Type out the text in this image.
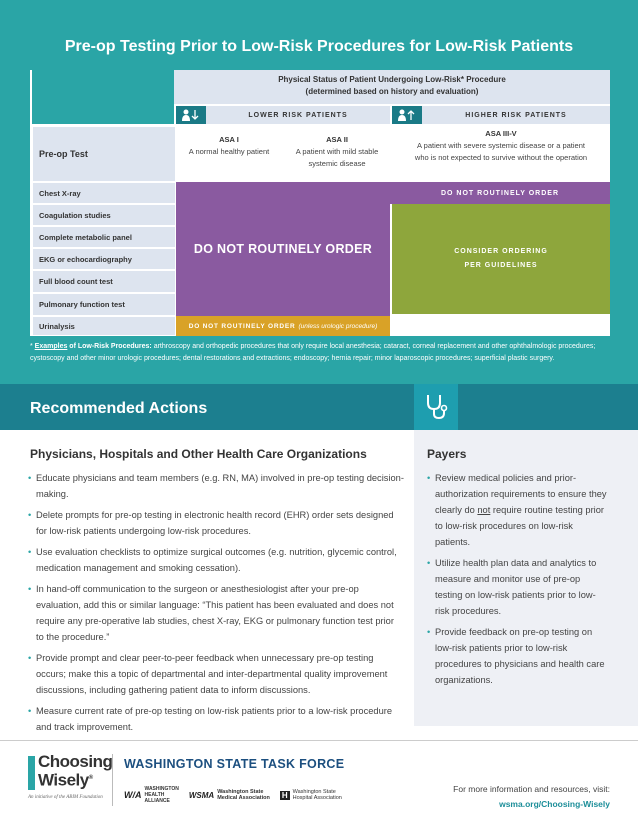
Pre-op Testing Prior to Low-Risk Procedures for Low-Risk Patients
Physical Status of Patient Undergoing Low-Risk* Procedure
(determined based on history and evaluation)
LOWER RISK PATIENTS	HIGHER RISK PATIENTS
Pre-op Test
ASA I
A normal healthy patient
ASA II
A patient with mild stable systemic disease
ASA III-V
A patient with severe systemic disease or a patient who is not expected to survive without the operation
Chest X-ray
Coagulation studies
Complete metabolic panel
EKG or echocardiography
Full blood count test
Pulmonary function test
Urinalysis
DO NOT ROUTINELY ORDER
DO NOT ROUTINELY ORDER
CONSIDER ORDERING
PER GUIDELINES
DO NOT ROUTINELY ORDER (unless urologic procedure)
* Examples of Low-Risk Procedures: arthroscopy and orthopedic procedures that only require local anesthesia; cataract, corneal replacement and other ophthalmologic procedures; cystoscopy and other minor urologic procedures; dental restorations and extractions; endoscopy; hernia repair; minor laparoscopic procedures; superficial plastic surgery.
Recommended Actions
Physicians, Hospitals and Other Health Care Organizations
• Educate physicians and team members (e.g. RN, MA) involved in pre-op testing decision-making.
• Delete prompts for pre-op testing in electronic health record (EHR) order sets designed for low-risk patients undergoing low-risk procedures.
• Use evaluation checklists to optimize surgical outcomes (e.g. nutrition, glycemic control, medication management and smoking cessation).
• In hand-off communication to the surgeon or anesthesiologist after your pre-op evaluation, add this or similar language: “This patient has been evaluated and does not require any pre-operative lab studies, chest X-ray, EKG or pulmonary function test prior to the procedure.”
• Provide prompt and clear peer-to-peer feedback when unnecessary pre-op testing occurs; make this a topic of departmental and inter-departmental quality improvement discussions, including gathering patient data to inform discussions.
• Measure current rate of pre-op testing on low-risk patients prior to a low-risk procedure and track improvement.
Payers
• Review medical policies and prior-authorization requirements to ensure they clearly do not require routine testing prior to low-risk procedures on low-risk patients.
• Utilize health plan data and analytics to measure and monitor use of pre-op testing on low-risk patients prior to low-risk procedures.
• Provide feedback on pre-op testing on low-risk patients prior to low-risk procedures to physicians and health care organizations.
Choosing
Wisely®
An initiative of the ABIM Foundation
WASHINGTON STATE TASK FORCE
W/A
WASHINGTON
HEALTH
ALLIANCE
WSMA Washington State
Medical Association H Washington State
Hospital Association
For more information and resources, visit:
wsma.org/Choosing-Wisely
